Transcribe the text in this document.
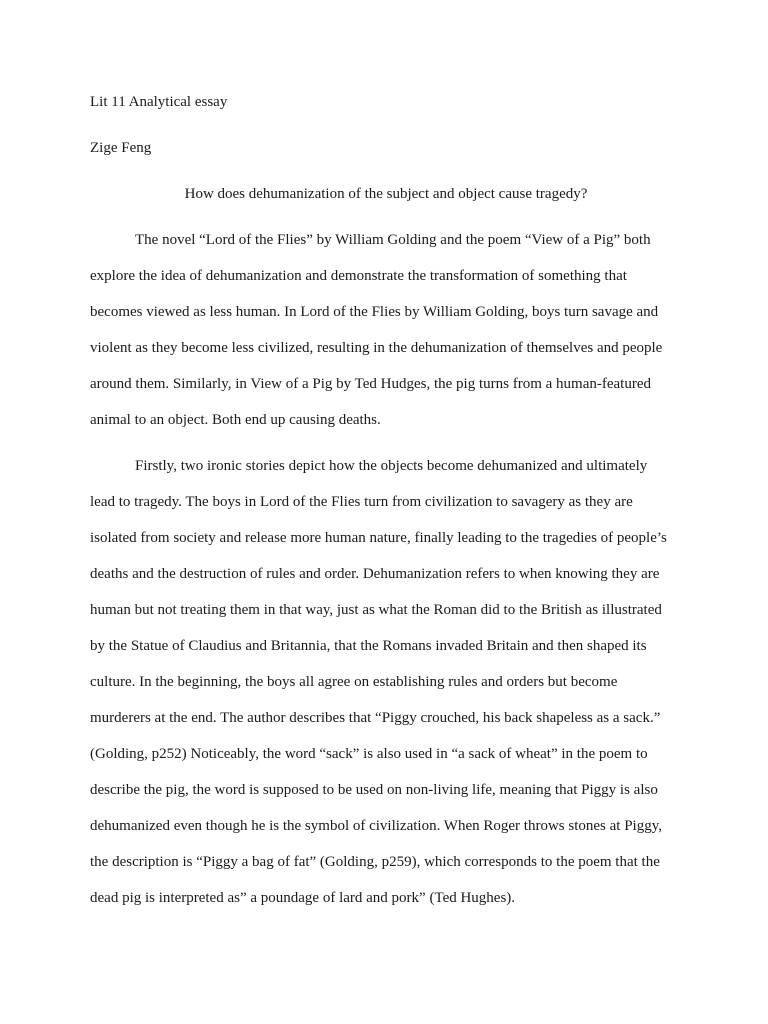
Lit 11 Analytical essay

Zige Feng

How does dehumanization of the subject and object cause tragedy?

The novel “Lord of the Flies” by William Golding and the poem “View of a Pig” both

explore the idea of dehumanization and demonstrate the transformation of something that

becomes viewed as less human. In Lord of the Flies by William Golding, boys turn savage and

violent as they become less civilized, resulting in the dehumanization of themselves and people

around them. Similarly, in View of a Pig by Ted Hudges, the pig turns from a human-featured

animal to an object. Both end up causing deaths.

Firstly, two ironic stories depict how the objects become dehumanized and ultimately

lead to tragedy. The boys in Lord of the Flies turn from civilization to savagery as they are

isolated from society and release more human nature, finally leading to the tragedies of people’s

deaths and the destruction of rules and order. Dehumanization refers to when knowing they are

human but not treating them in that way, just as what the Roman did to the British as illustrated

by the Statue of Claudius and Britannia, that the Romans invaded Britain and then shaped its

culture. In the beginning, the boys all agree on establishing rules and orders but become

murderers at the end. The author describes that “Piggy crouched, his back shapeless as a sack.”

(Golding, p252) Noticeably, the word “sack” is also used in “a sack of wheat” in the poem to

describe the pig, the word is supposed to be used on non-living life, meaning that Piggy is also

dehumanized even though he is the symbol of civilization. When Roger throws stones at Piggy,

the description is “Piggy a bag of fat” (Golding, p259), which corresponds to the poem that the

dead pig is interpreted as” a poundage of lard and pork” (Ted Hughes).
